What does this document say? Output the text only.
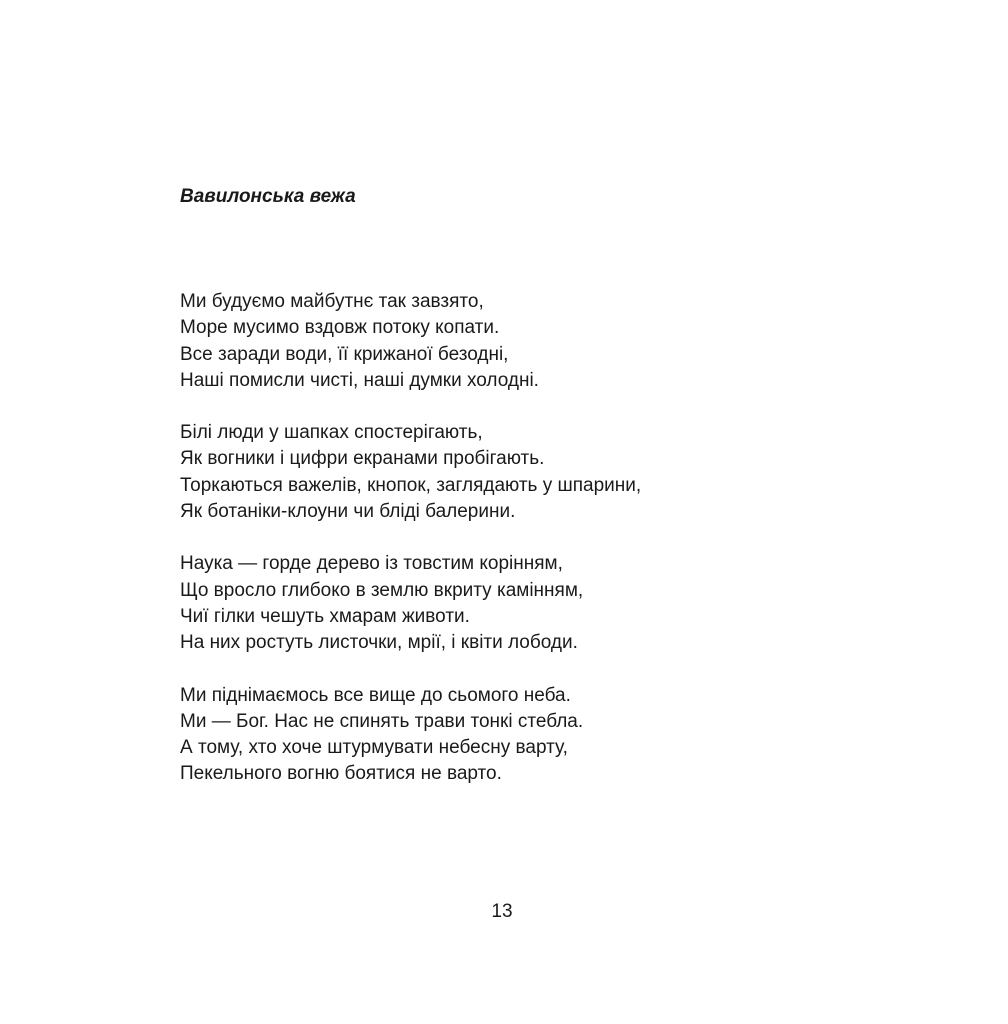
Вавилонська вежа
Ми будуємо майбутнє так завзято,
Море мусимо вздовж потоку копати.
Все заради води, її крижаної безодні,
Наші помисли чисті, наші думки холодні.
Білі люди у шапках спостерігають,
Як вогники і цифри екранами пробігають.
Торкаються важелів, кнопок, заглядають у шпарини,
Як ботаніки-клоуни чи бліді балерини.
Наука — горде дерево із товстим корінням,
Що вросло глибоко в землю вкриту камінням,
Чиї гілки чешуть хмарам животи.
На них ростуть листочки, мрії, і квіти лободи.
Ми піднімаємось все вище до сьомого неба.
Ми — Бог. Нас не спинять трави тонкі стебла.
А тому, хто хоче штурмувати небесну варту,
Пекельного вогню боятися не варто.
13
